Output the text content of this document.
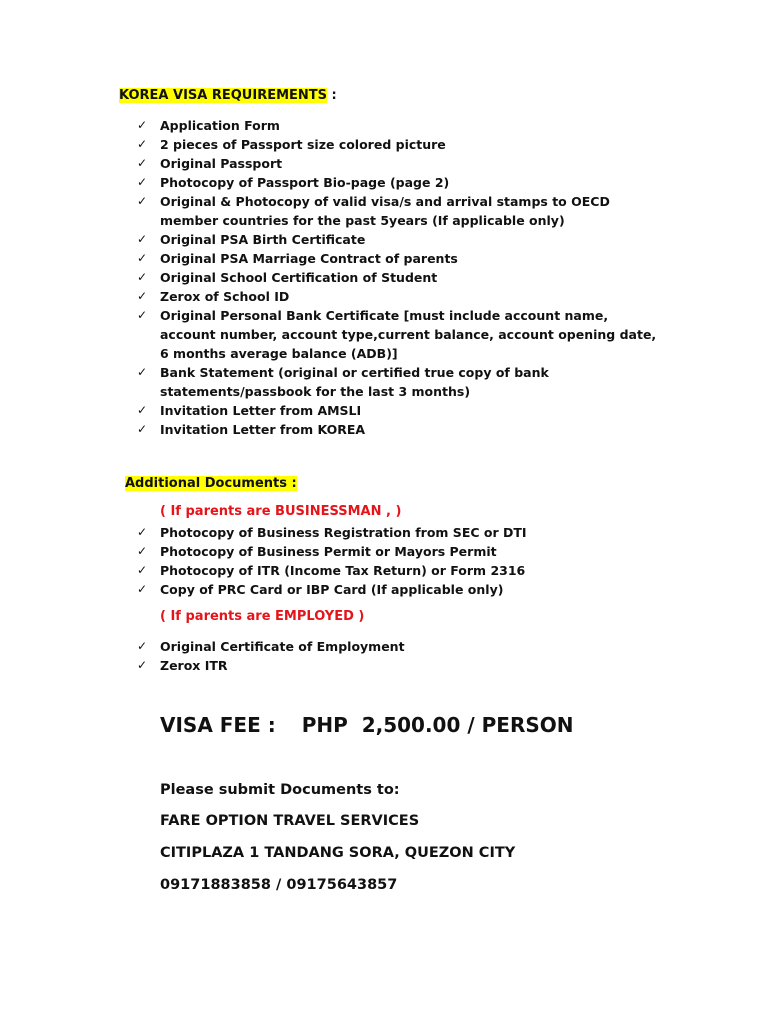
KOREA VISA REQUIREMENTS :
✓	Application Form
✓	2 pieces of Passport size colored picture
✓	Original Passport
✓	Photocopy of Passport Bio-page (page 2)
✓	Original & Photocopy of valid visa/s and arrival stamps to OECD member countries for the past 5years (If applicable only)
✓	Original PSA Birth Certificate
✓	Original PSA Marriage Contract of parents
✓	Original School Certification of Student
✓	Zerox of School ID
✓	Original Personal Bank Certificate [must include account name, account number, account type,current balance, account opening date, 6 months average balance (ADB)]
✓	Bank Statement (original or certified true copy of bank statements/passbook for the last 3 months)
✓	Invitation Letter from AMSLI
✓	Invitation Letter from KOREA
Additional Documents :
( If parents are BUSINESSMAN , )
✓	Photocopy of Business Registration from SEC or DTI
✓	Photocopy of Business Permit or Mayors Permit
✓	Photocopy of ITR (Income Tax Return) or Form 2316
✓	Copy of PRC Card or IBP Card (If applicable only)
( If parents are EMPLOYED )
✓	Original Certificate of Employment
✓	Zerox ITR
VISA FEE : PHP  2,500.00 / PERSON
Please submit Documents to:
FARE OPTION TRAVEL SERVICES
CITIPLAZA 1 TANDANG SORA, QUEZON CITY
09171883858 / 09175643857
